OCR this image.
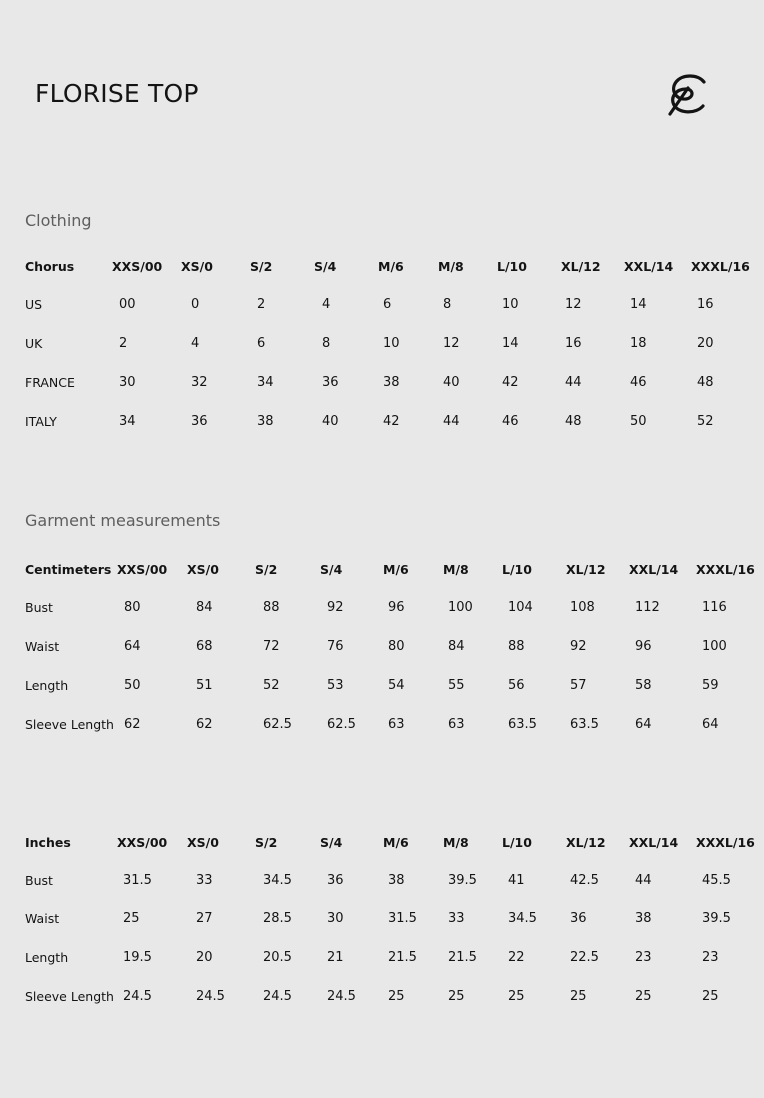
FLORISE TOP
Clothing
Garment measurements
Chorus	XXS/00 XS/0	S/2	S/4	M/6	M/8	L/10	XL/12 XXL/14 XXXL/16
US	00	0	2	4	6	8	10	12	14	16
UK	2	4	6	8	10	12	14	16	18	20
FRANCE	30	32	34	36	38	40	42	44	46	48
ITALY	34	36	38	40	42	44	46	48	50	52
Centimeters XXS/00 XS/0	S/2	S/4	M/6	M/8	L/10	XL/12 XXL/14 XXXL/16
Bust	80	84	88	92	96	100	104	108	112	116
Waist	64	68	72	76	80	84	88	92	96	100
Length	50	51	52	53	54	55	56	57	58	59
Sleeve Length 62	62	62.5	62.5 63	63	63.5	63.5	64	64
Inches	XXS/00 XS/0	S/2	S/4	M/6	M/8	L/10	XL/12 XXL/14 XXXL/16
Bust	31.5	33	34.5	36	38	39.5 41	42.5	44	45.5
Waist	25	27	28.5	30	31.5 33	34.5	36	38	39.5
Length	19.5	20	20.5	21	21.5 21.5 22	22.5	23	23
Sleeve Length 24.5	24.5	24.5	24.5 25	25	25	25	25	25
